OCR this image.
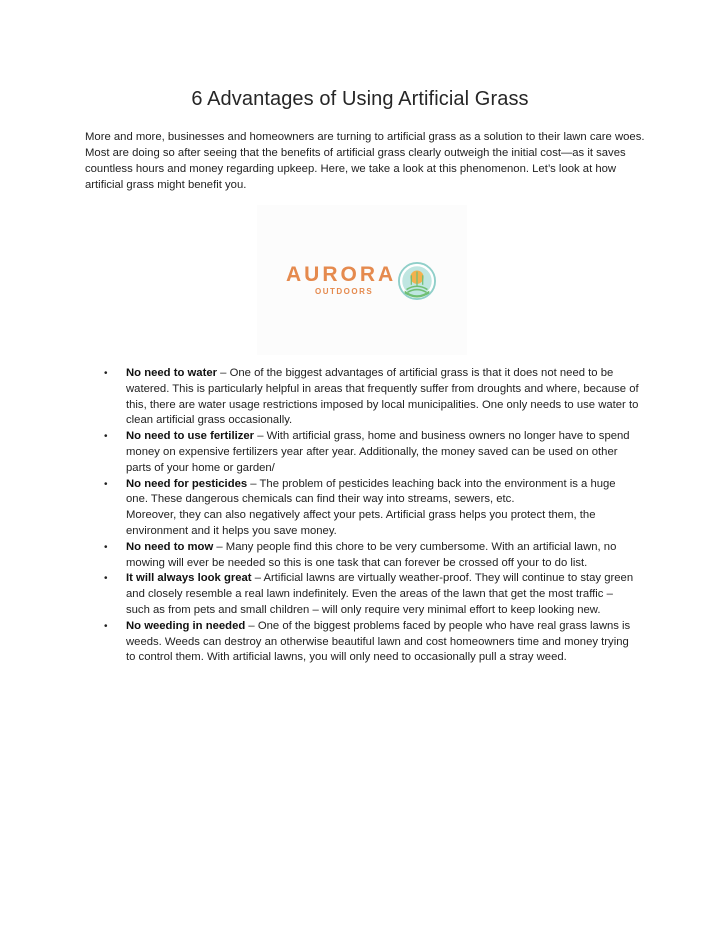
6 Advantages of Using Artificial Grass
More and more, businesses and homeowners are turning to artificial grass as a solution to their lawn care woes. Most are doing so after seeing that the benefits of artificial grass clearly outweigh the initial cost—as it saves countless hours and money regarding upkeep. Here, we take a look at this phenomenon. Let’s look at how artificial grass might benefit you.
AURORA
OUTDOORS
• No need to water – One of the biggest advantages of artificial grass is that it does not need to be watered. This is particularly helpful in areas that frequently suffer from droughts and where, because of this, there are water usage restrictions imposed by local municipalities. One only needs to use water to clean artificial grass occasionally.
• No need to use fertilizer – With artificial grass, home and business owners no longer have to spend money on expensive fertilizers year after year. Additionally, the money saved can be used on other parts of your home or garden/
• No need for pesticides – The problem of pesticides leaching back into the environment is a huge one. These dangerous chemicals can find their way into streams, sewers, etc.
Moreover, they can also negatively affect your pets. Artificial grass helps you protect them, the environment and it helps you save money.
• No need to mow – Many people find this chore to be very cumbersome. With an artificial lawn, no mowing will ever be needed so this is one task that can forever be crossed off your to do list.
• It will always look great – Artificial lawns are virtually weather-proof. They will continue to stay green and closely resemble a real lawn indefinitely. Even the areas of the lawn that get the most traffic – such as from pets and small children – will only require very minimal effort to keep looking new.
• No weeding in needed – One of the biggest problems faced by people who have real grass lawns is weeds. Weeds can destroy an otherwise beautiful lawn and cost homeowners time and money trying to control them. With artificial lawns, you will only need to occasionally pull a stray weed.
